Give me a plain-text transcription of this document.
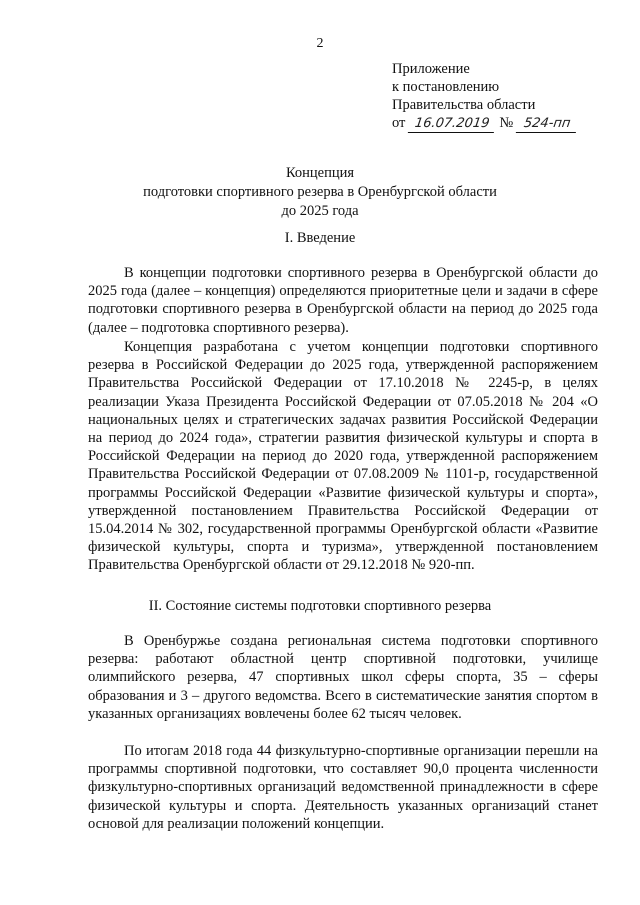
2
Приложение
к постановлению
Правительства области
от 16.07.2019 № 524-пп
Концепция
подготовки спортивного резерва в Оренбургской области
до 2025 года
I. Введение

В концепции подготовки спортивного резерва в Оренбургской области до 2025 года (далее – концепция) определяются приоритетные цели и задачи в сфере подготовки спортивного резерва в Оренбургской области на период до 2025 года (далее – подготовка спортивного резерва).

Концепция разработана с учетом концепции подготовки спортивного резерва в Российской Федерации до 2025 года, утвержденной распоряжением Правительства Российской Федерации от 17.10.2018 № 2245-р, в целях реализации Указа Президента Российской Федерации от 07.05.2018 № 204 «О национальных целях и стратегических задачах развития Российской Федерации на период до 2024 года», стратегии развития физической культуры и спорта в Российской Федерации на период до 2020 года, утвержденной распоряжением Правительства Российской Федерации от 07.08.2009 № 1101-р, государственной программы Российской Федерации «Развитие физической культуры и спорта», утвержденной постановлением Правительства Российской Федерации от 15.04.2014 № 302, государственной программы Оренбургской области «Развитие физической культуры, спорта и туризма», утвержденной постановлением Правительства Оренбургской области от 29.12.2018 № 920-пп.

II. Состояние системы подготовки спортивного резерва

В Оренбуржье создана региональная система подготовки спортивного резерва: работают областной центр спортивной подготовки, училище олимпийского резерва, 47 спортивных школ сферы спорта, 35 – сферы образования и 3 – другого ведомства. Всего в систематические занятия спортом в указанных организациях вовлечены более 62 тысяч человек.

По итогам 2018 года 44 физкультурно-спортивные организации перешли на программы спортивной подготовки, что составляет 90,0 процента численности физкультурно-спортивных организаций ведомственной принадлежности в сфере физической культуры и спорта. Деятельность указанных организаций станет основой для реализации положений концепции.
